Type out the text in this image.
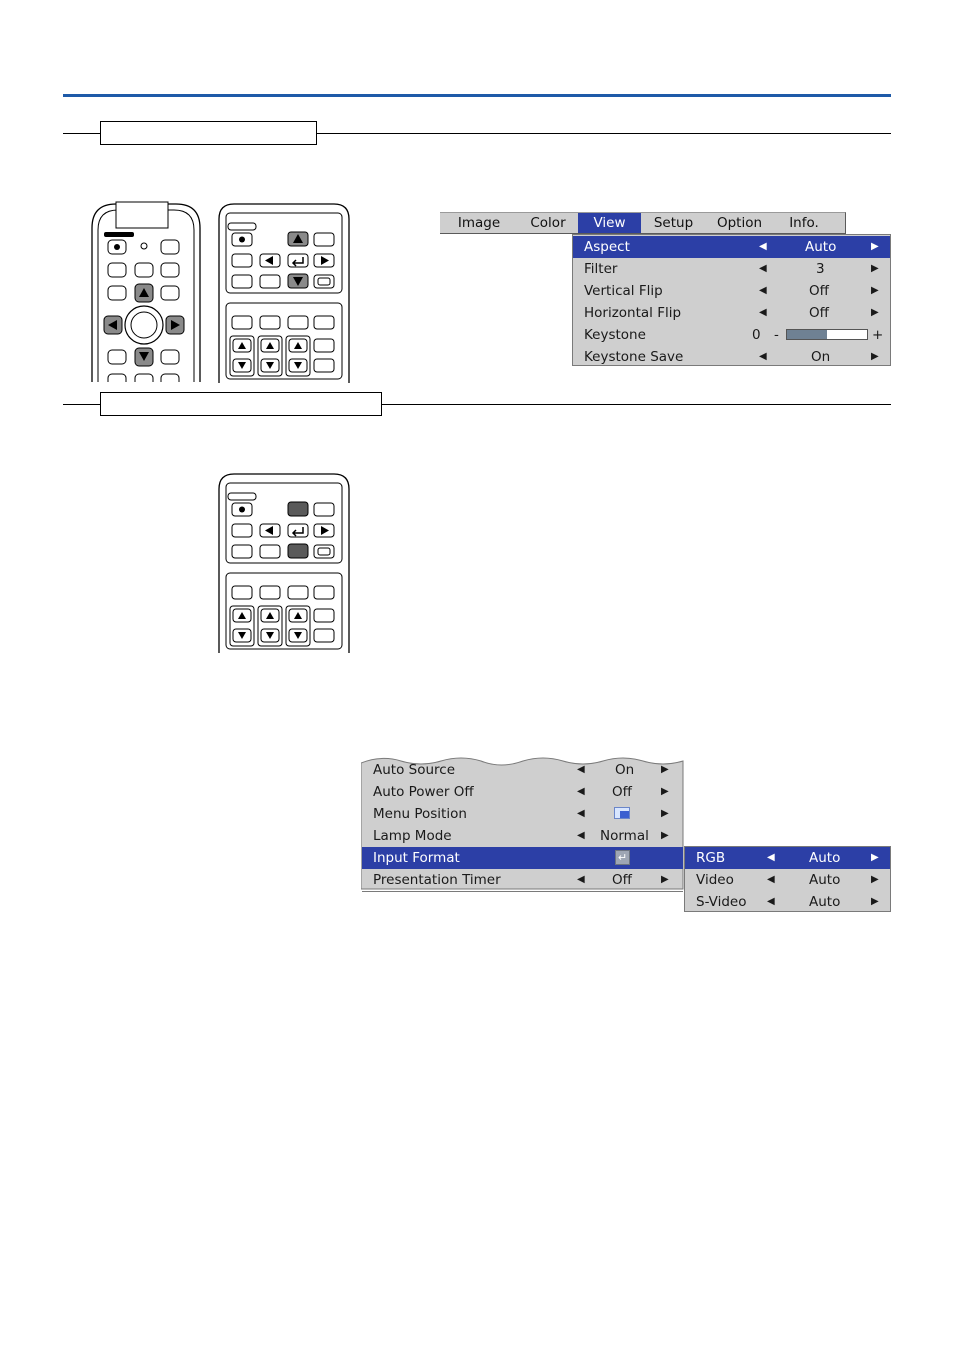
Image Color View Setup Option Info.
Aspect	◀	Auto	▶
Filter	◀	3	▶
Vertical Flip	◀	Off	▶
Horizontal Flip	◀	Off	▶
Keystone	0 -	+
Keystone Save	◀	On	▶
Auto Source	◀ On	▶
Auto Power Off	◀ Off	▶
Menu Position	◀	▶
Lamp Mode	◀ Normal ▶
Input Format	↵
Presentation Timer	◀ Off	▶
RGB	◀	Auto	▶
Video	◀	Auto	▶
S-Video ◀	Auto	▶
